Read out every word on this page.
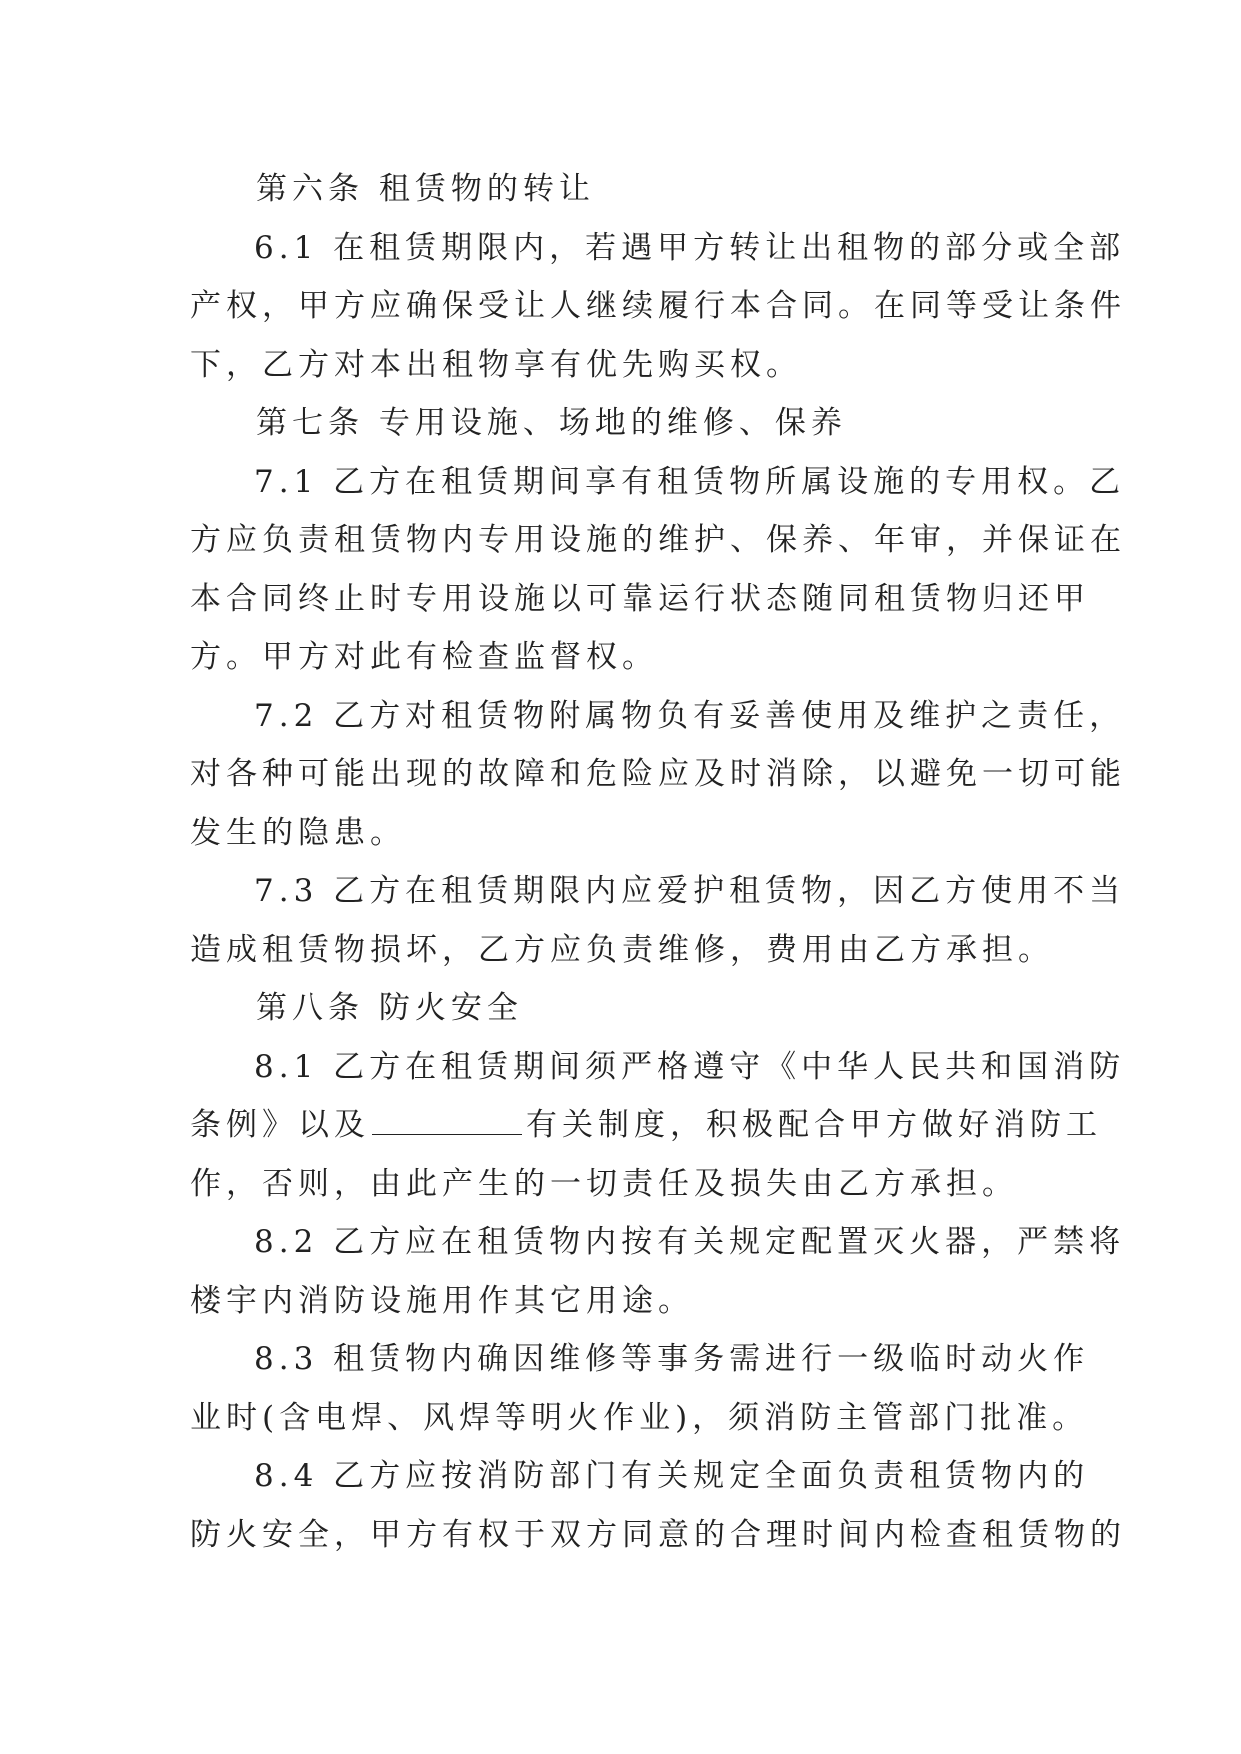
第六条 租赁物的转让
6.1 在租赁期限内，若遇甲方转让出租物的部分或全部
产权，甲方应确保受让人继续履行本合同。在同等受让条件
下，乙方对本出租物享有优先购买权。
第七条 专用设施、场地的维修、保养
7.1 乙方在租赁期间享有租赁物所属设施的专用权。乙
方应负责租赁物内专用设施的维护、保养、年审，并保证在
本合同终止时专用设施以可靠运行状态随同租赁物归还甲
方。甲方对此有检查监督权。
7.2 乙方对租赁物附属物负有妥善使用及维护之责任，
对各种可能出现的故障和危险应及时消除，以避免一切可能
发生的隐患。
7.3 乙方在租赁期限内应爱护租赁物，因乙方使用不当
造成租赁物损坏，乙方应负责维修，费用由乙方承担。
第八条 防火安全
8.1 乙方在租赁期间须严格遵守《中华人民共和国消防
条例》以及	有关制度，积极配合甲方做好消防工
作，否则，由此产生的一切责任及损失由乙方承担。
8.2 乙方应在租赁物内按有关规定配置灭火器，严禁将
楼宇内消防设施用作其它用途。
8.3 租赁物内确因维修等事务需进行一级临时动火作
业时(含电焊、风焊等明火作业)，须消防主管部门批准。
8.4 乙方应按消防部门有关规定全面负责租赁物内的
防火安全，甲方有权于双方同意的合理时间内检查租赁物的
